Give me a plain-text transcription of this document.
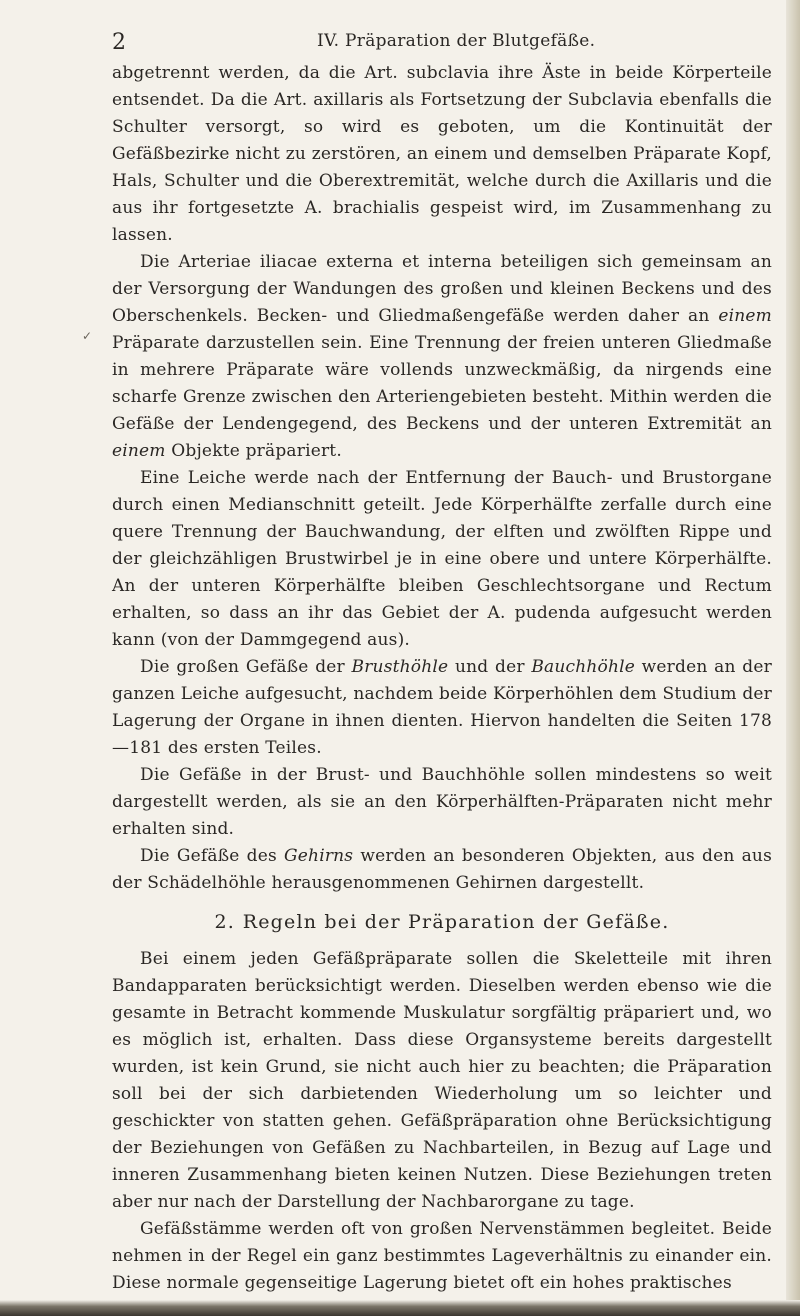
2	IV. Präparation der Blutgefäße.
✓

abgetrennt werden, da die Art. subclavia ihre Äste in beide Körperteile entsendet. Da die Art. axillaris als Fortsetzung der Subclavia ebenfalls die Schulter versorgt, so wird es geboten, um die Kontinuität der Gefäßbezirke nicht zu zerstören, an einem und demselben Präparate Kopf, Hals, Schulter und die Oberextremität, welche durch die Axillaris und die aus ihr fortgesetzte A. brachialis gespeist wird, im Zusammenhang zu lassen.

Die Arteriae iliacae externa et interna beteiligen sich gemeinsam an der Versorgung der Wandungen des großen und kleinen Beckens und des Oberschenkels. Becken- und Gliedmaßengefäße werden daher an einem Präparate darzustellen sein. Eine Trennung der freien unteren Gliedmaße in mehrere Präparate wäre vollends unzweckmäßig, da nirgends eine scharfe Grenze zwischen den Arteriengebieten besteht. Mithin werden die Gefäße der Lendengegend, des Beckens und der unteren Extremität an einem Objekte präpariert.

Eine Leiche werde nach der Entfernung der Bauch- und Brustorgane durch einen Medianschnitt geteilt. Jede Körperhälfte zerfalle durch eine quere Trennung der Bauchwandung, der elften und zwölften Rippe und der gleichzähligen Brustwirbel je in eine obere und untere Körperhälfte. An der unteren Körperhälfte bleiben Geschlechtsorgane und Rectum erhalten, so dass an ihr das Gebiet der A. pudenda aufgesucht werden kann (von der Dammgegend aus).

Die großen Gefäße der Brusthöhle und der Bauchhöhle werden an der ganzen Leiche aufgesucht, nachdem beide Körperhöhlen dem Studium der Lagerung der Organe in ihnen dienten. Hiervon handelten die Seiten 178—181 des ersten Teiles.

Die Gefäße in der Brust- und Bauchhöhle sollen mindestens so weit dargestellt werden, als sie an den Körperhälften-Präparaten nicht mehr erhalten sind.

Die Gefäße des Gehirns werden an besonderen Objekten, aus den aus der Schädelhöhle herausgenommenen Gehirnen dargestellt.

2. Regeln bei der Präparation der Gefäße.

Bei einem jeden Gefäßpräparate sollen die Skeletteile mit ihren Bandapparaten berücksichtigt werden. Dieselben werden ebenso wie die gesamte in Betracht kommende Muskulatur sorgfältig präpariert und, wo es möglich ist, erhalten. Dass diese Organsysteme bereits dargestellt wurden, ist kein Grund, sie nicht auch hier zu beachten; die Präparation soll bei der sich darbietenden Wiederholung um so leichter und geschickter von statten gehen. Gefäßpräparation ohne Berücksichtigung der Beziehungen von Gefäßen zu Nachbarteilen, in Bezug auf Lage und inneren Zusammenhang bieten keinen Nutzen. Diese Beziehungen treten aber nur nach der Darstellung der Nachbarorgane zu tage.

Gefäßstämme werden oft von großen Nervenstämmen begleitet. Beide nehmen in der Regel ein ganz bestimmtes Lageverhältnis zu einander ein. Diese normale gegenseitige Lagerung bietet oft ein hohes praktisches
